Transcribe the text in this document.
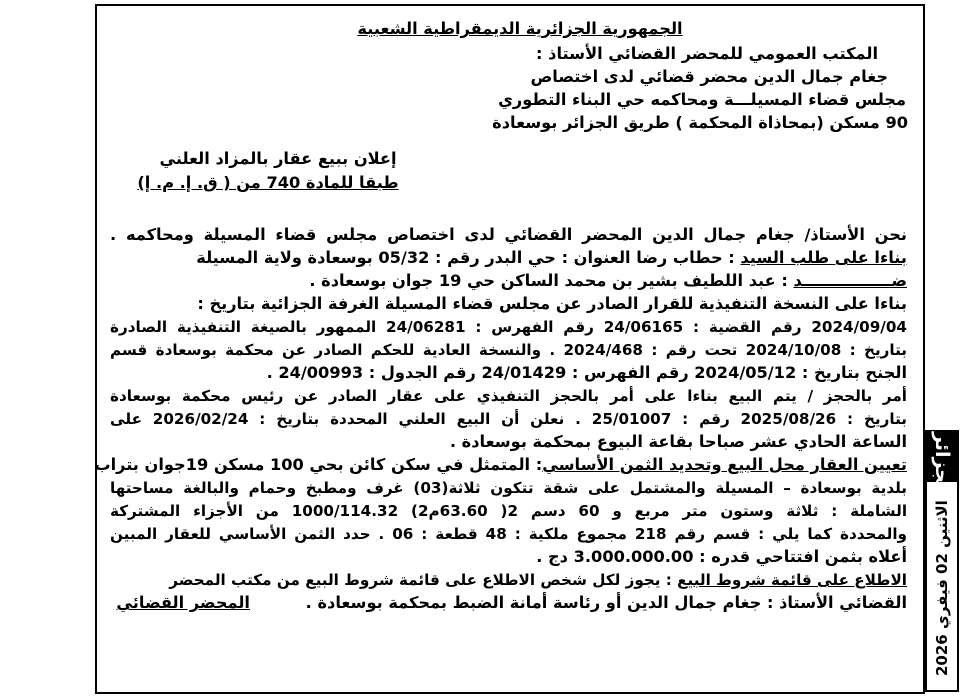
الجمهورية الجزائرية الديمقراطية الشعبية
المكتب العمومي للمحضر القضائي الأستاذ :
جغام جمال الدين محضر قضائي لدى اختصاص
مجلس قضاء المسيلـــة ومحاكمه حي البناء التطوري
90 مسكن (بمحاذاة المحكمة ) طريق الجزائر بوسعادة
إعلان ببيع عقار بالمزاد العلني
طبقا للمادة 740 من ( ق. إ. م. إ)
نحن الأستاذ/ جغام جمال الدين المحضر القضائي لدى اختصاص مجلس قضاء المسيلة ومحاكمه .
بناءا على طلب السيد : حطاب رضا العنوان : حي البدر رقم : 05/32 بوسعادة ولاية المسيلة
ضــــــــــــــــد : عبد اللطيف بشير بن محمد الساكن حي 19 جوان بوسعادة .
بناءا على النسخة التنفيذية للقرار الصادر عن مجلس قضاء المسيلة الغرفة الجزائية بتاريخ :
2024/09/04 رقم القضية : 24/06165 رقم الفهرس : 24/06281 الممهور بالصيغة التنفيذية الصادرة
بتاريخ : 2024/10/08 تحت رقم : 2024/468 . والنسخة العادية للحكم الصادر عن محكمة بوسعادة قسم
الجنح بتاريخ : 2024/05/12 رقم الفهرس : 24/01429 رقم الجدول : 24/00993 .
أمر بالحجز / يتم البيع بناءا على أمر بالحجز التنفيذي على عقار الصادر عن رئيس محكمة بوسعادة
بتاريخ : 2025/08/26 رقم : 25/01007 . نعلن أن البيع العلني المحددة بتاريخ : 2026/02/24 على
الساعة الحادي عشر صباحا بقاعة البيوع بمحكمة بوسعادة .
تعيين العقار محل البيع وتحديد الثمن الأساسي: المتمثل في سكن كائن بحي 100 مسكن 19جوان بتراب
بلدية بوسعادة – المسيلة والمشتمل على شقة تتكون ثلاثة(03) غرف ومطبخ وحمام والبالغة مساحتها
الشاملة : ثلاثة وستون متر مربع و 60 دسم 2( 63.60م2) 1000/114.32 من الأجزاء المشتركة
والمحددة كما يلي : قسم رقم 218 مجموع ملكية : 48 قطعة : 06 . حدد الثمن الأساسي للعقار المبين
أعلاه بثمن افتتاحي قدره : 3.000.000.00 دج .
الاطلاع على قائمة شروط البيع : يجوز لكل شخص الاطلاع على قائمة شروط البيع من مكتب المحضر
القضائي الأستاذ : جغام جمال الدين أو رئاسة أمانة الضبط بمحكمة بوسعادة .
المحضر القضائي
الجزائر
2026 الاثنين 02 فيفري
